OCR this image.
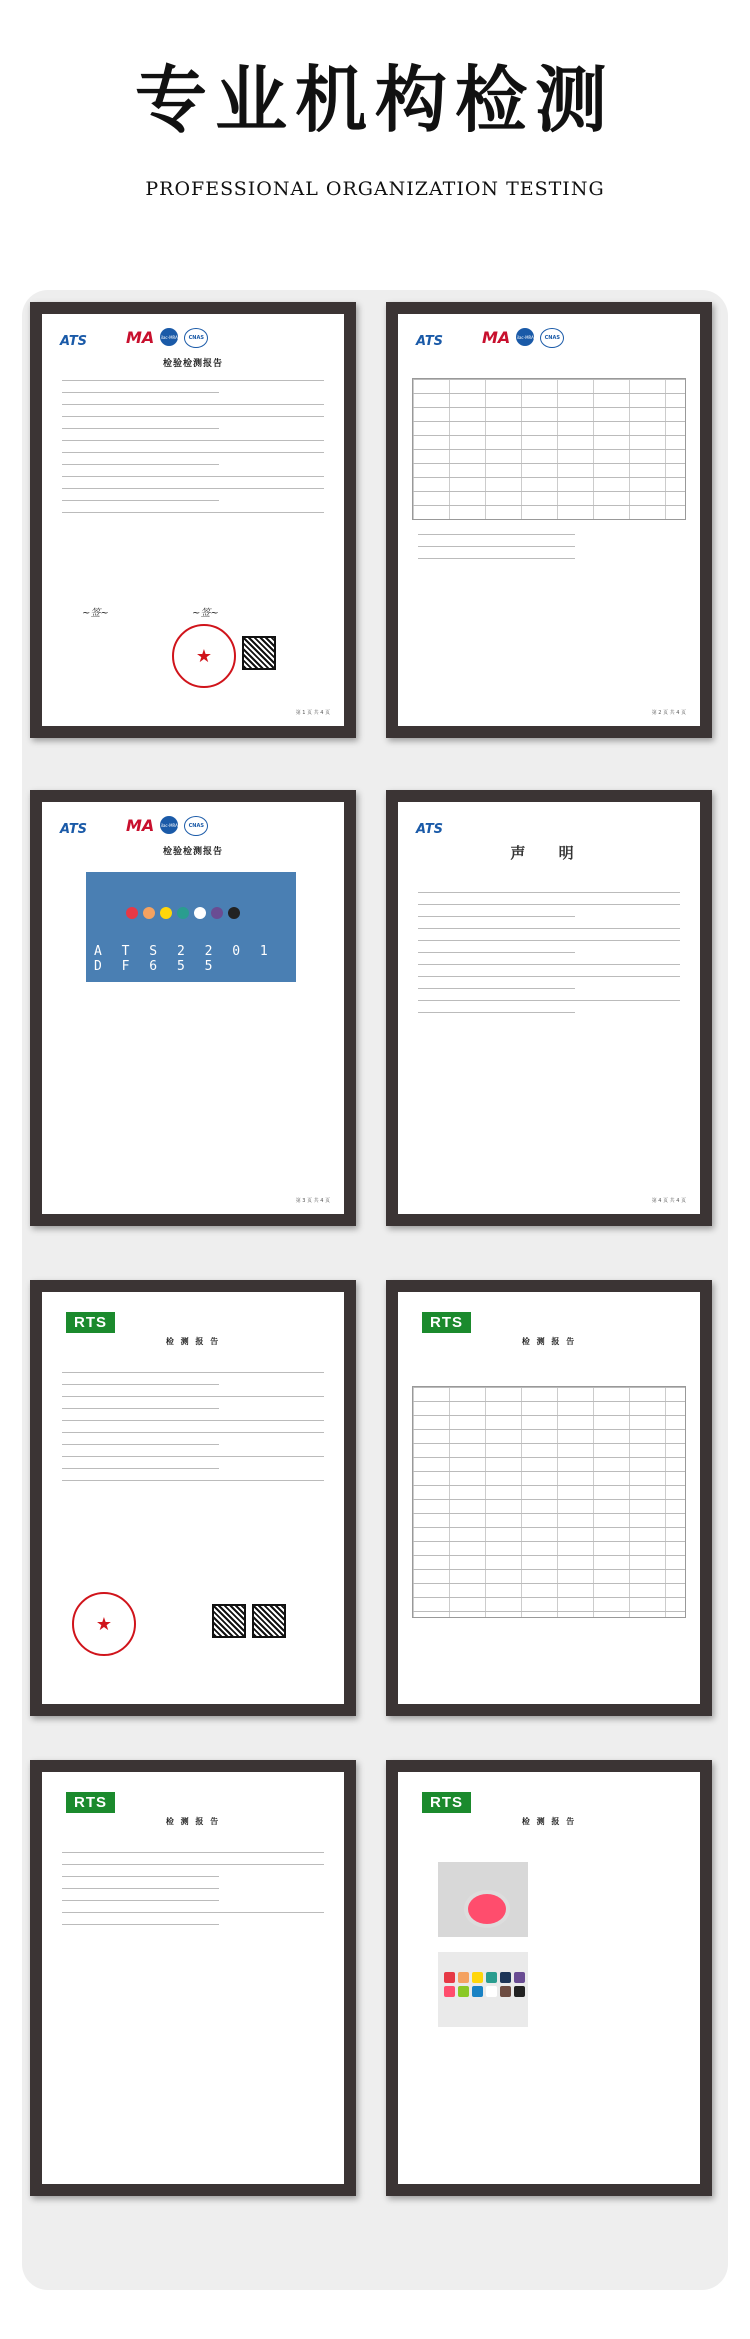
专业机构检测
PROFESSIONAL ORGANIZATION TESTING
ATS MA ilac-MRA	CNAS
检验检测报告
~签~	~签~
★
第 1 页 共 4 页
ATS MA ilac-MRA	CNAS
第 2 页 共 4 页
ATS MA ilac-MRA	CNAS
检验检测报告
A T S 2 2 0 1 D F 6 5 5
第 3 页 共 4 页
ATS
声 明
第 4 页 共 4 页
RTS
检 测 报 告
★
RTS
检 测 报 告
RTS
检 测 报 告
RTS
检 测 报 告
